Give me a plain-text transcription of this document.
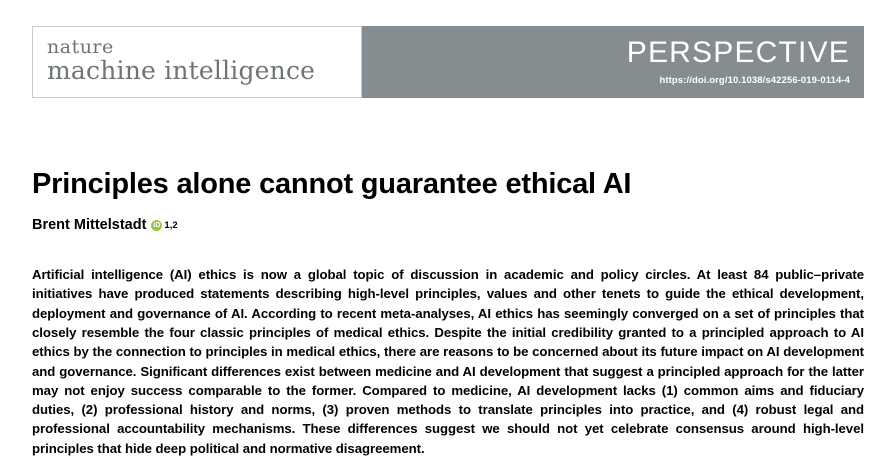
nature
machine intelligence
PERSPECTIVE
https://doi.org/10.1038/s42256-019-0114-4
Principles alone cannot guarantee ethical AI
Brent Mittelstadt iD 1,2

Artificial intelligence (AI) ethics is now a global topic of discussion in academic and policy circles. At least 84 public–private initiatives have produced statements describing high-level principles, values and other tenets to guide the ethical development, deployment and governance of AI. According to recent meta-analyses, AI ethics has seemingly converged on a set of principles that closely resemble the four classic principles of medical ethics. Despite the initial credibility granted to a principled approach to AI ethics by the connection to principles in medical ethics, there are reasons to be concerned about its future impact on AI development and governance. Significant differences exist between medicine and AI development that suggest a principled approach for the latter may not enjoy success comparable to the former. Compared to medicine, AI development lacks (1) common aims and fiduciary duties, (2) professional history and norms, (3) proven methods to translate principles into practice, and (4) robust legal and professional accountability mechanisms. These differences suggest we should not yet celebrate consensus around high-level principles that hide deep political and normative disagreement.
